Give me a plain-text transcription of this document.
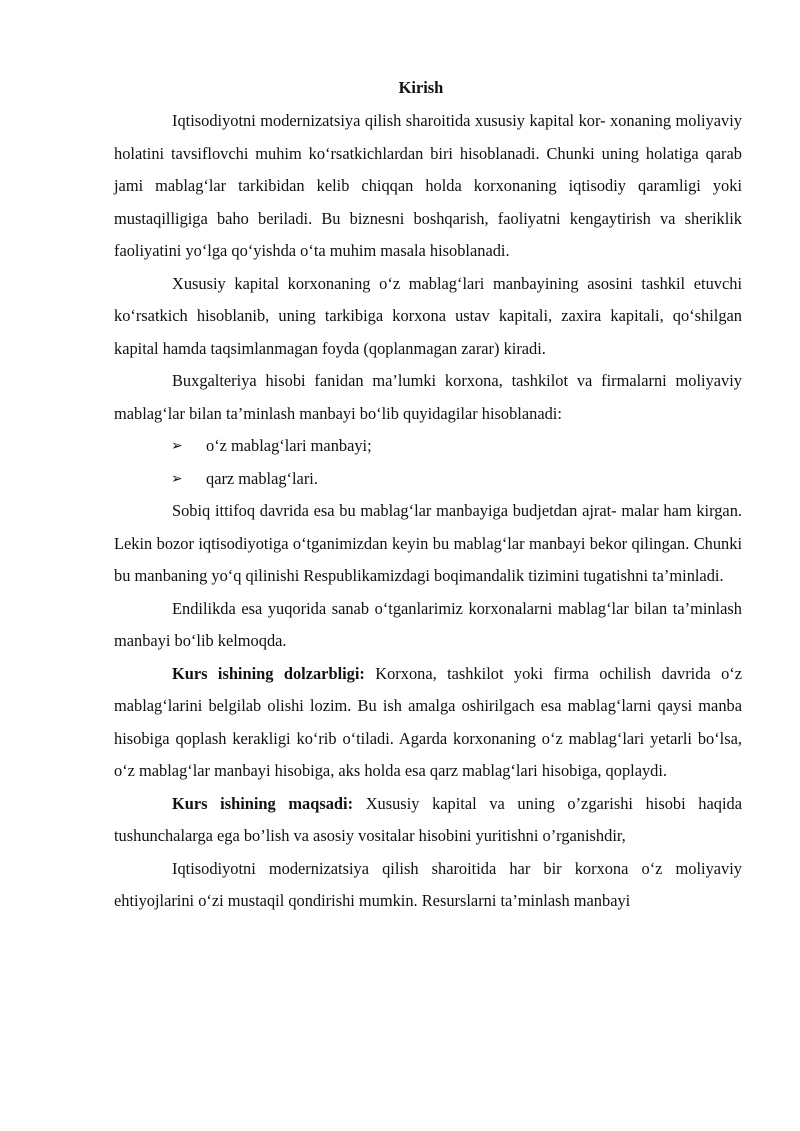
Kirish

Iqtisodiyotni modernizatsiya qilish sharoitida xususiy kapital kor- xonaning moliyaviy holatini tavsiflovchi muhim ko‘rsatkichlardan biri hisoblanadi. Chunki uning holatiga qarab jami mablag‘lar tarkibidan kelib chiqqan holda korxonaning iqtisodiy qaramligi yoki mustaqilligiga baho beriladi. Bu biznesni boshqarish, faoliyatni kengaytirish va sheriklik faoliyatini yo‘lga qo‘yishda o‘ta muhim masala hisoblanadi.

Xususiy kapital korxonaning o‘z mablag‘lari manbayining asosini tashkil etuvchi ko‘rsatkich hisoblanib, uning tarkibiga korxona ustav kapitali, zaxira kapitali, qo‘shilgan kapital hamda taqsimlanmagan foyda (qoplanmagan zarar) kiradi.

Buxgalteriya hisobi fanidan ma’lumki korxona, tashkilot va firmalarni moliyaviy mablag‘lar bilan ta’minlash manbayi bo‘lib quyidagilar hisoblanadi:

➢ o‘z mablag‘lari manbayi;

➢ qarz mablag‘lari.

Sobiq ittifoq davrida esa bu mablag‘lar manbayiga budjetdan ajrat- malar ham kirgan. Lekin bozor iqtisodiyotiga o‘tganimizdan keyin bu mablag‘lar manbayi bekor qilingan. Chunki bu manbaning yo‘q qilinishi Respublikamizdagi boqimandalik tizimini tugatishni ta’minladi.

Endilikda esa yuqorida sanab o‘tganlarimiz korxonalarni mablag‘lar bilan ta’minlash manbayi bo‘lib kelmoqda.

Kurs ishining dolzarbligi: Korxona, tashkilot yoki firma ochilish davrida o‘z mablag‘larini belgilab olishi lozim. Bu ish amalga oshirilgach esa mablag‘larni qaysi manba hisobiga qoplash kerakligi ko‘rib o‘tiladi. Agarda korxonaning o‘z mablag‘lari yetarli bo‘lsa, o‘z mablag‘lar manbayi hisobiga, aks holda esa qarz mablag‘lari hisobiga, qoplaydi.

Kurs ishining maqsadi: Xususiy kapital va uning o’zgarishi hisobi haqida tushunchalarga ega bo’lish va asosiy vositalar hisobini yuritishni o’rganishdir,

Iqtisodiyotni modernizatsiya qilish sharoitida har bir korxona o‘z moliyaviy ehtiyojlarini o‘zi mustaqil qondirishi mumkin. Resurslarni ta’minlash manbayi
